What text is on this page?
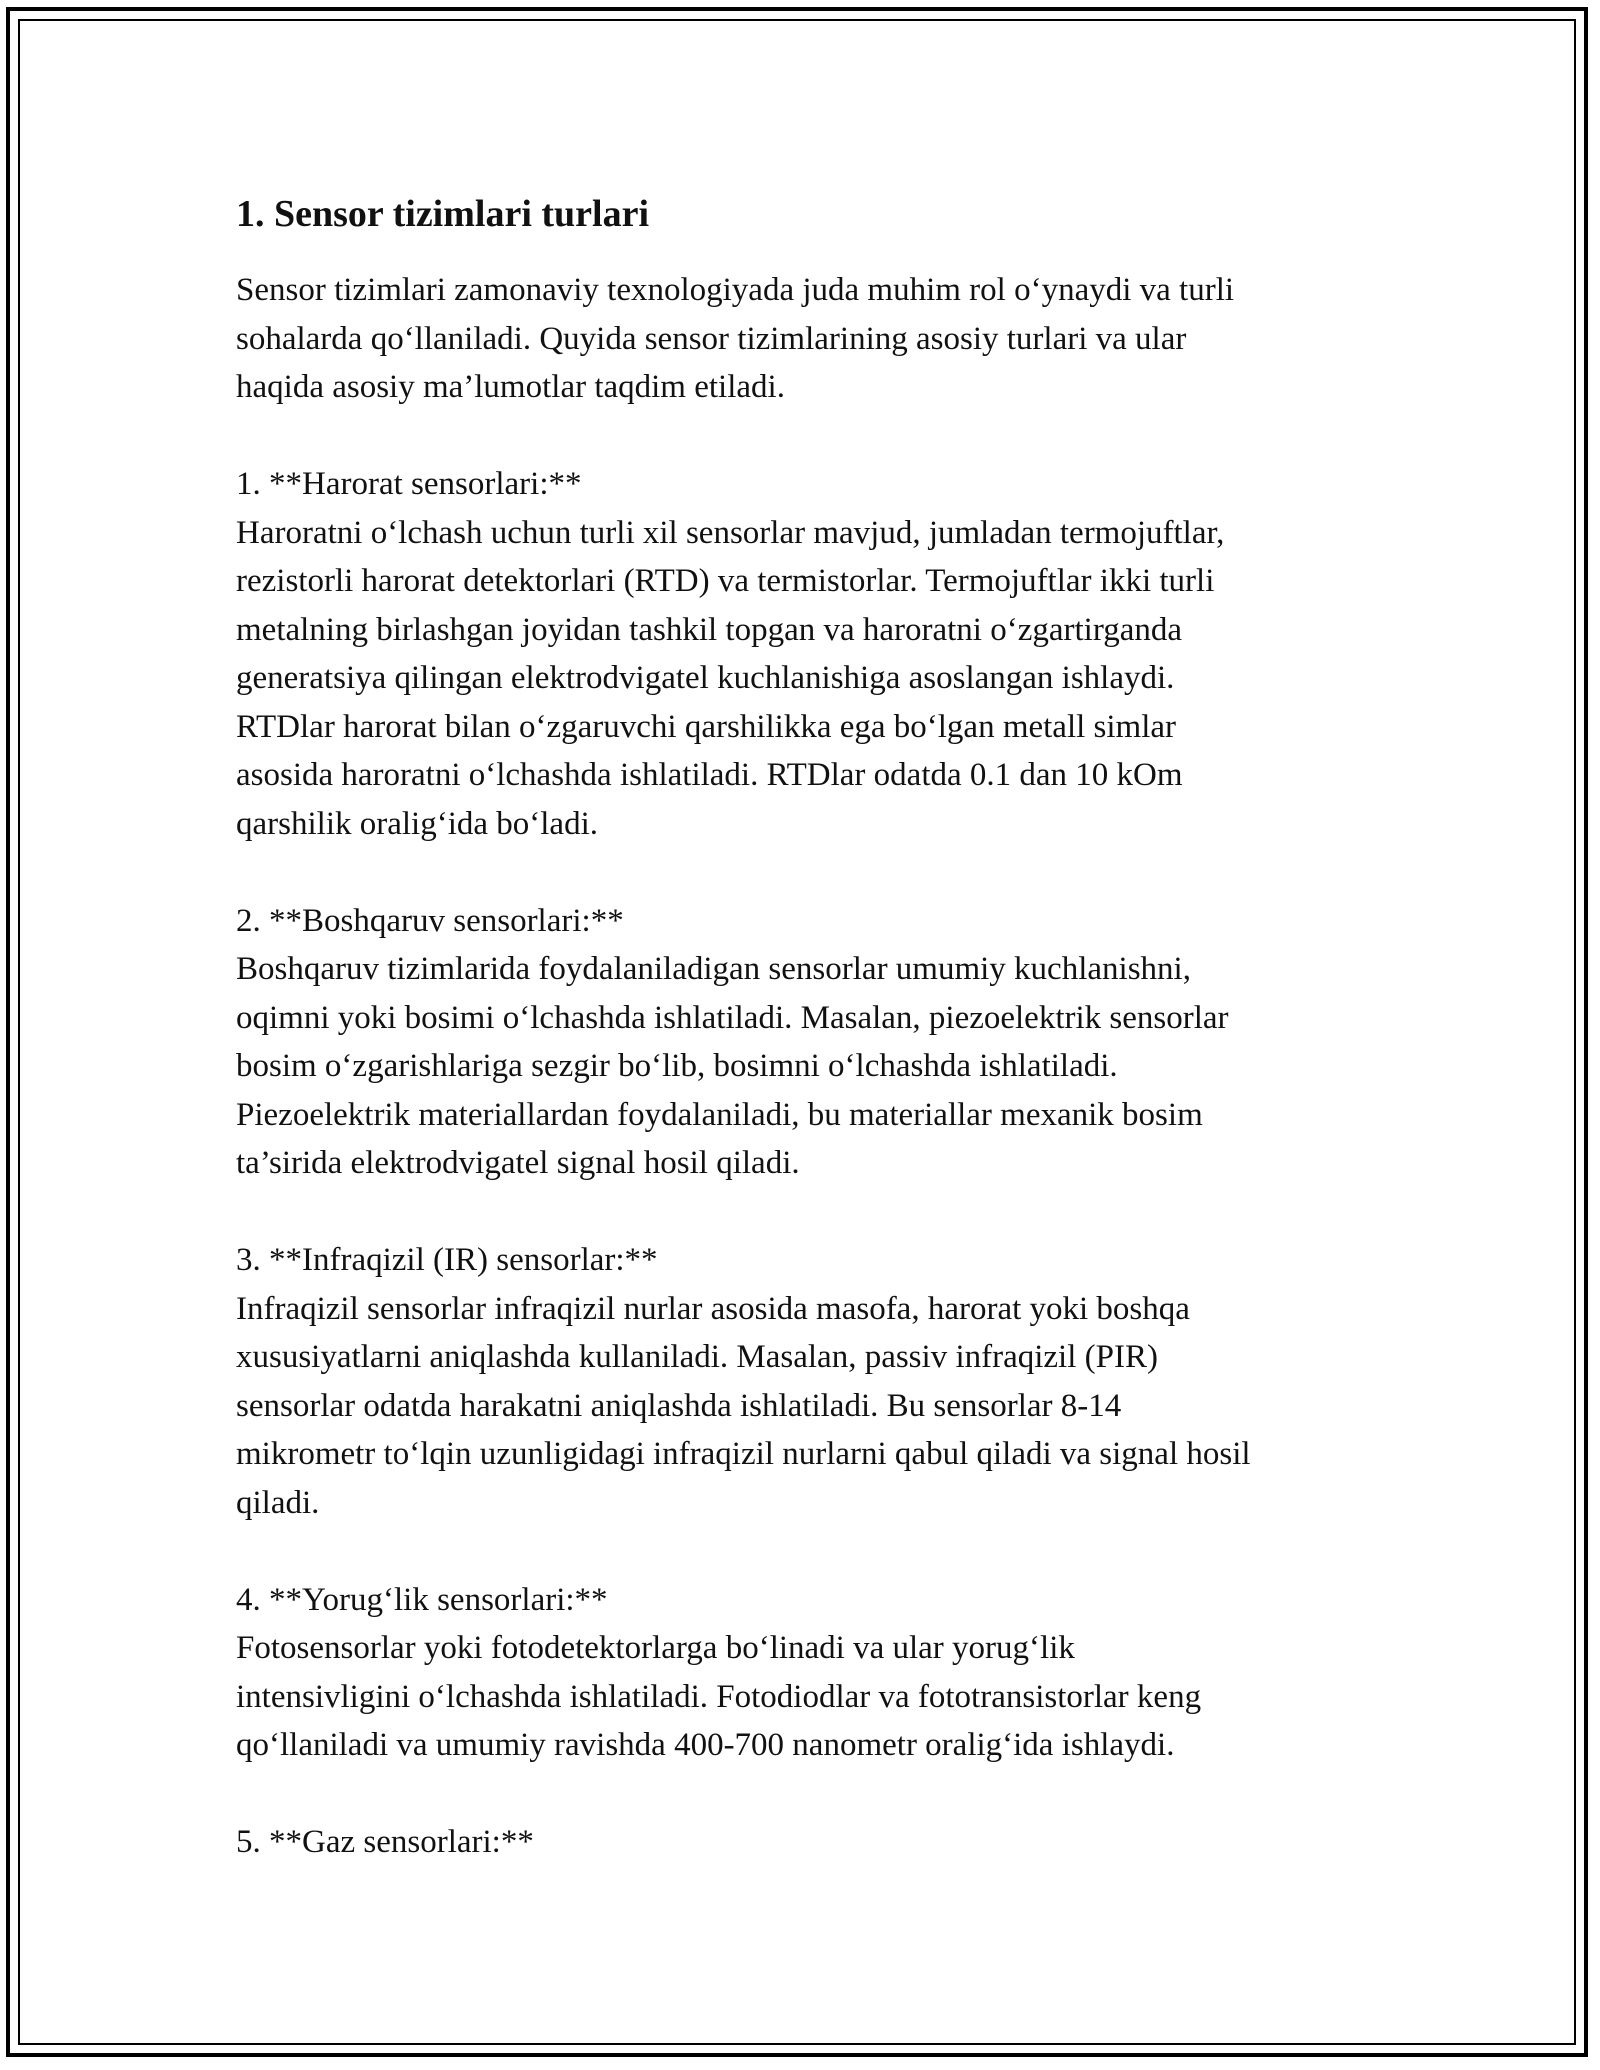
1. Sensor tizimlari turlari

Sensor tizimlari zamonaviy texnologiyada juda muhim rol o‘ynaydi va turli
sohalarda qo‘llaniladi. Quyida sensor tizimlarining asosiy turlari va ular
haqida asosiy ma’lumotlar taqdim etiladi.

1. **Harorat sensorlari:**
Haroratni o‘lchash uchun turli xil sensorlar mavjud, jumladan termojuftlar,
rezistorli harorat detektorlari (RTD) va termistorlar. Termojuftlar ikki turli
metalning birlashgan joyidan tashkil topgan va haroratni o‘zgartirganda
generatsiya qilingan elektrodvigatel kuchlanishiga asoslangan ishlaydi.
RTDlar harorat bilan o‘zgaruvchi qarshilikka ega bo‘lgan metall simlar
asosida haroratni o‘lchashda ishlatiladi. RTDlar odatda 0.1 dan 10 kOm
qarshilik oralig‘ida bo‘ladi.

2. **Boshqaruv sensorlari:**
Boshqaruv tizimlarida foydalaniladigan sensorlar umumiy kuchlanishni,
oqimni yoki bosimi o‘lchashda ishlatiladi. Masalan, piezoelektrik sensorlar
bosim o‘zgarishlariga sezgir bo‘lib, bosimni o‘lchashda ishlatiladi.
Piezoelektrik materiallardan foydalaniladi, bu materiallar mexanik bosim
ta’sirida elektrodvigatel signal hosil qiladi.

3. **Infraqizil (IR) sensorlar:**
Infraqizil sensorlar infraqizil nurlar asosida masofa, harorat yoki boshqa
xususiyatlarni aniqlashda kullaniladi. Masalan, passiv infraqizil (PIR)
sensorlar odatda harakatni aniqlashda ishlatiladi. Bu sensorlar 8-14
mikrometr to‘lqin uzunligidagi infraqizil nurlarni qabul qiladi va signal hosil
qiladi.

4. **Yorug‘lik sensorlari:**
Fotosensorlar yoki fotodetektorlarga bo‘linadi va ular yorug‘lik
intensivligini o‘lchashda ishlatiladi. Fotodiodlar va fototransistorlar keng
qo‘llaniladi va umumiy ravishda 400-700 nanometr oralig‘ida ishlaydi.

5. **Gaz sensorlari:**
